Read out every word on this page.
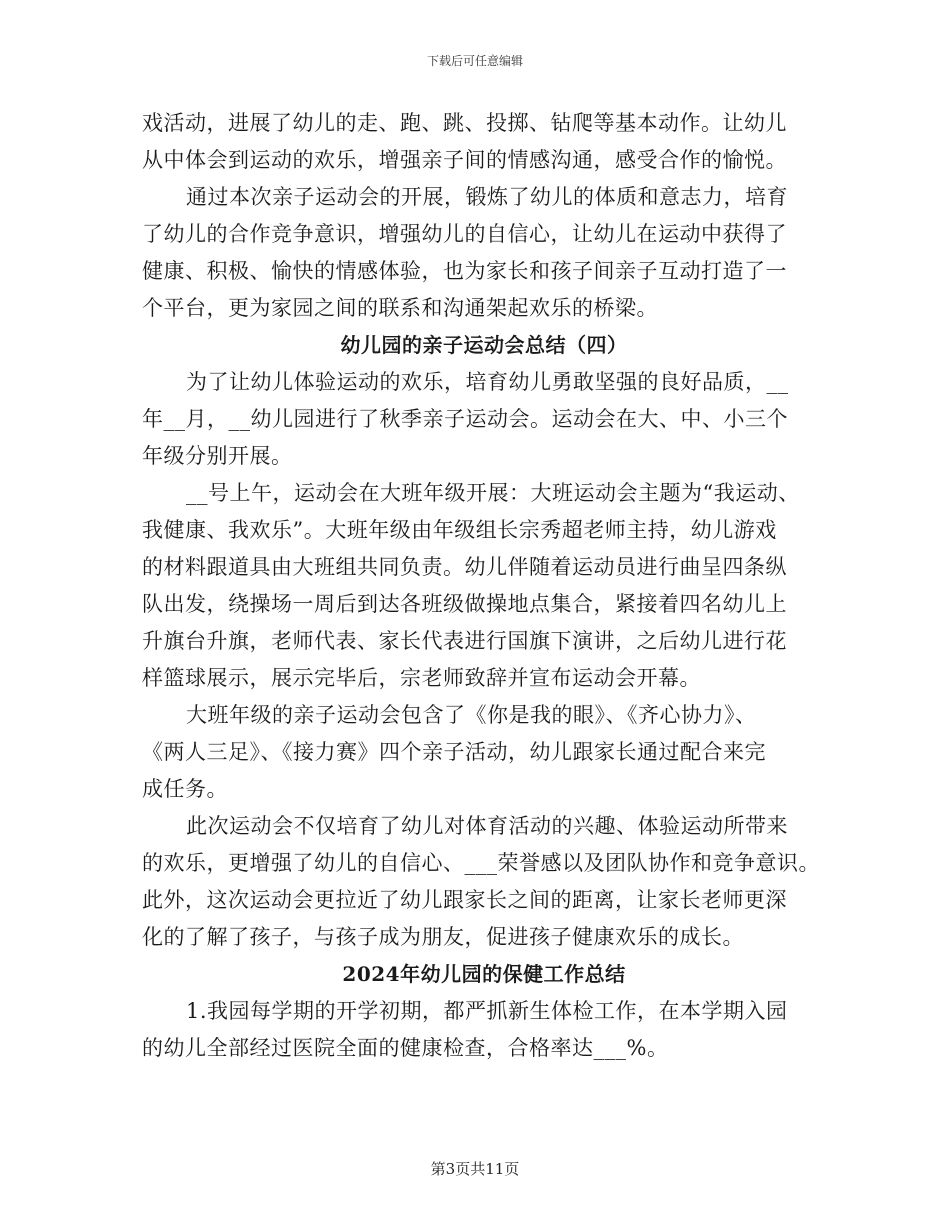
下载后可任意编辑
戏活动，进展了幼儿的走、跑、跳、投掷、钻爬等基本动作。让幼儿
从中体会到运动的欢乐，增强亲子间的情感沟通，感受合作的愉悦。
通过本次亲子运动会的开展，锻炼了幼儿的体质和意志力，培育
了幼儿的合作竞争意识，增强幼儿的自信心，让幼儿在运动中获得了
健康、积极、愉快的情感体验，也为家长和孩子间亲子互动打造了一
个平台，更为家园之间的联系和沟通架起欢乐的桥梁。
幼儿园的亲子运动会总结（四）
为了让幼儿体验运动的欢乐，培育幼儿勇敢坚强的良好品质，__
年__月，__幼儿园进行了秋季亲子运动会。运动会在大、中、小三个
年级分别开展。
__号上午，运动会在大班年级开展：大班运动会主题为“我运动、
我健康、我欢乐”。大班年级由年级组长宗秀超老师主持，幼儿游戏
的材料跟道具由大班组共同负责。幼儿伴随着运动员进行曲呈四条纵
队出发，绕操场一周后到达各班级做操地点集合，紧接着四名幼儿上
升旗台升旗，老师代表、家长代表进行国旗下演讲，之后幼儿进行花
样篮球展示，展示完毕后，宗老师致辞并宣布运动会开幕。
大班年级的亲子运动会包含了《你是我的眼》、《齐心协力》、
《两人三足》、《接力赛》四个亲子活动，幼儿跟家长通过配合来完
成任务。
此次运动会不仅培育了幼儿对体育活动的兴趣、体验运动所带来
的欢乐，更增强了幼儿的自信心、___荣誉感以及团队协作和竞争意识。
此外，这次运动会更拉近了幼儿跟家长之间的距离，让家长老师更深
化的了解了孩子，与孩子成为朋友，促进孩子健康欢乐的成长。
2024年幼儿园的保健工作总结
1.我园每学期的开学初期，都严抓新生体检工作，在本学期入园
的幼儿全部经过医院全面的健康检查，合格率达___%。
第3页共11页
